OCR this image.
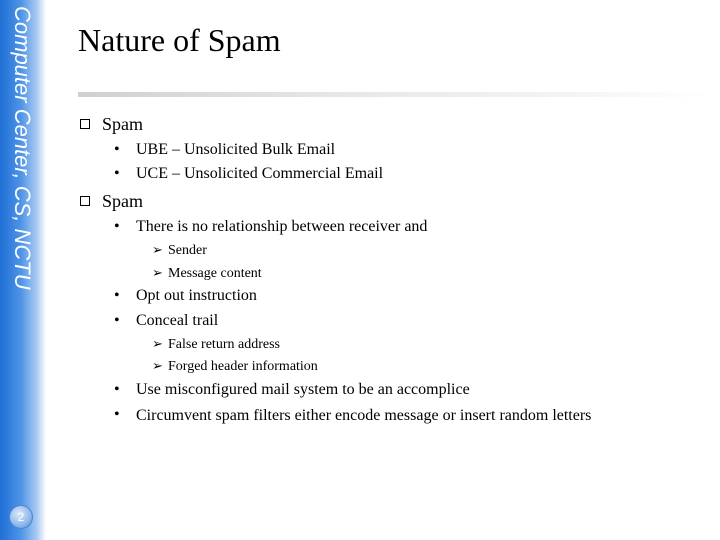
Computer Center, CS, NCTU
2
Nature of Spam
Spam
• UBE – Unsolicited Bulk Email
• UCE – Unsolicited Commercial Email
Spam
• There is no relationship between receiver and
➢ Sender
➢ Message content
• Opt out instruction
• Conceal trail
➢ False return address
➢ Forged header information
• Use misconfigured mail system to be an accomplice
•	Circumvent spam filters either encode message or insert random letters
